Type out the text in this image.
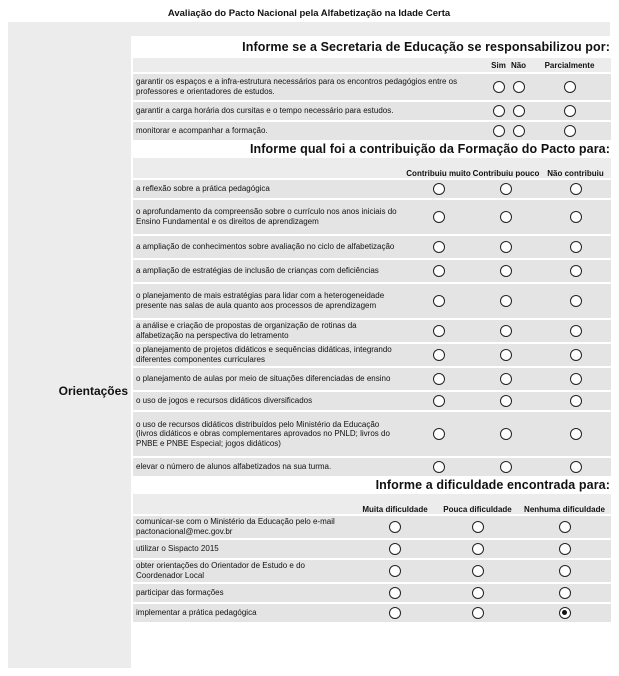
Avaliação do Pacto Nacional pela Alfabetização na Idade Certa
Orientações
Informe se a Secretaria de Educação se responsabilizou por:
	Sim	Não	Parcialmente
garantir os espaços e a infra-estrutura necessários para os encontros pedagógios entre os professores e orientadores de estudos.			
garantir a carga horária dos cursitas e o tempo necessário para estudos.			
monitorar e acompanhar a formação.			
Informe qual foi a contribuição da Formação do Pacto para:
	Contribuiu muito	Contribuiu pouco	Não contribuiu
a reflexão sobre a prática pedagógica			
o aprofundamento da compreensão sobre o currículo nos anos iniciais do Ensino Fundamental e os direitos de aprendizagem			
a ampliação de conhecimentos sobre avaliação no ciclo de alfabetização			
a ampliação de estratégias de inclusão de crianças com deficiências			
o planejamento de mais estratégias para lidar com a heterogeneidade presente nas salas de aula quanto aos processos de aprendizagem			
a análise e criação de propostas de organização de rotinas da alfabetização na perspectiva do letramento			
o planejamento de projetos didáticos e sequências didáticas, integrando diferentes componentes curriculares			
o planejamento de aulas por meio de situações diferenciadas de ensino			
o uso de jogos e recursos didáticos diversificados			
o uso de recursos didáticos distribuídos pelo Ministério da Educação (livros didáticos e obras complementares aprovados no PNLD; livros do PNBE e PNBE Especial; jogos didáticos)			
elevar o número de alunos alfabetizados na sua turma.			
Informe a dificuldade encontrada para:
	Muita dificuldade	Pouca dificuldade	Nenhuma dificuldade
comunicar-se com o Ministério da Educação pelo e-mail pactonacional@mec.gov.br			
utilizar o Sispacto 2015			
obter orientações do Orientador de Estudo e do Coordenador Local			
participar das formações			
implementar a prática pedagógica			
